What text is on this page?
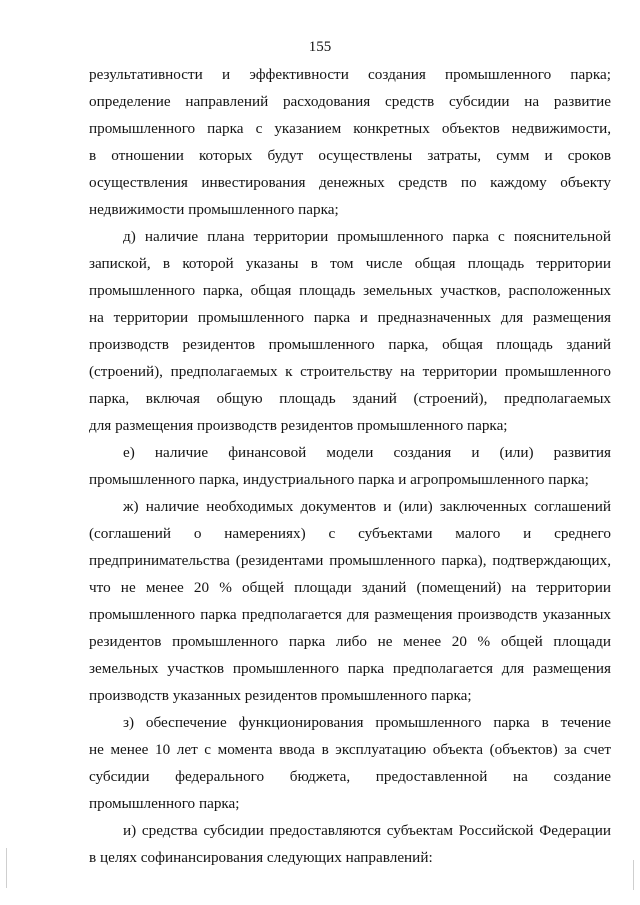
155
результативности и эффективности создания промышленного парка;
определение направлений расходования средств субсидии на развитие
промышленного парка с указанием конкретных объектов недвижимости,
в отношении которых будут осуществлены затраты, сумм и сроков
осуществления инвестирования денежных средств по каждому объекту
недвижимости промышленного парка;
д) наличие плана территории промышленного парка с пояснительной
запиской, в которой указаны в том числе общая площадь территории
промышленного парка, общая площадь земельных участков, расположенных
на территории промышленного парка и предназначенных для размещения
производств резидентов промышленного парка, общая площадь зданий
(строений), предполагаемых к строительству на территории промышленного
парка, включая общую площадь зданий (строений), предполагаемых
для размещения производств резидентов промышленного парка;
е) наличие финансовой модели создания и (или) развития
промышленного парка, индустриального парка и агропромышленного парка;
ж) наличие необходимых документов и (или) заключенных соглашений
(соглашений о намерениях) с субъектами малого и среднего
предпринимательства (резидентами промышленного парка), подтверждающих,
что не менее 20 % общей площади зданий (помещений) на территории
промышленного парка предполагается для размещения производств указанных
резидентов промышленного парка либо не менее 20 % общей площади
земельных участков промышленного парка предполагается для размещения
производств указанных резидентов промышленного парка;
з) обеспечение функционирования промышленного парка в течение
не менее 10 лет с момента ввода в эксплуатацию объекта (объектов) за счет
субсидии федерального бюджета, предоставленной на создание
промышленного парка;
и) средства субсидии предоставляются субъектам Российской Федерации
в целях софинансирования следующих направлений:
